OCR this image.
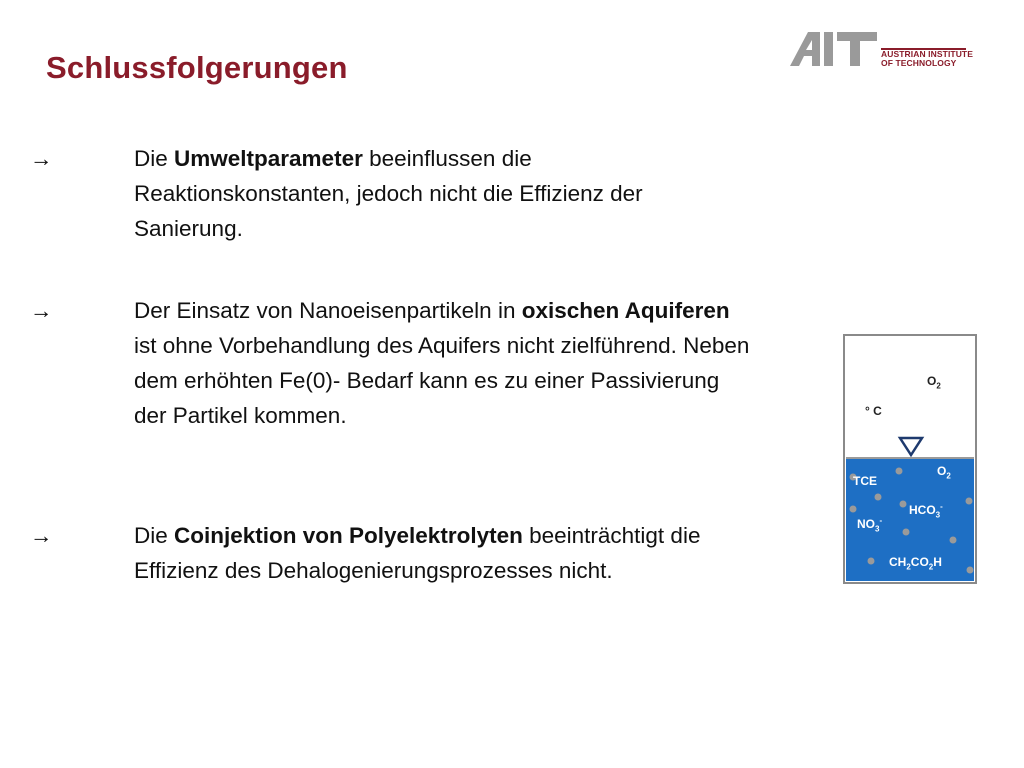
Schlussfolgerungen	AUSTRIAN INSTITUTE
OF TECHNOLOGY
→	Die Umweltparameter beeinflussen die Reaktionskonstanten, jedoch nicht die Effizienz der Sanierung.
→	Der Einsatz von Nanoeisenpartikeln in oxischen Aquiferen ist ohne Vorbehandlung des Aquifers nicht zielführend. Neben dem erhöhten Fe(0)- Bedarf kann es zu einer Passivierung der Partikel kommen.
→	Die Coinjektion von Polyelektrolyten beeinträchtigt die Effizienz des Dehalogenierungsprozesses nicht.
$O_2$
° C
TCE
$O_2$
$HCO_3^-$
$NO_3^-$
$CH_2CO_2H$
